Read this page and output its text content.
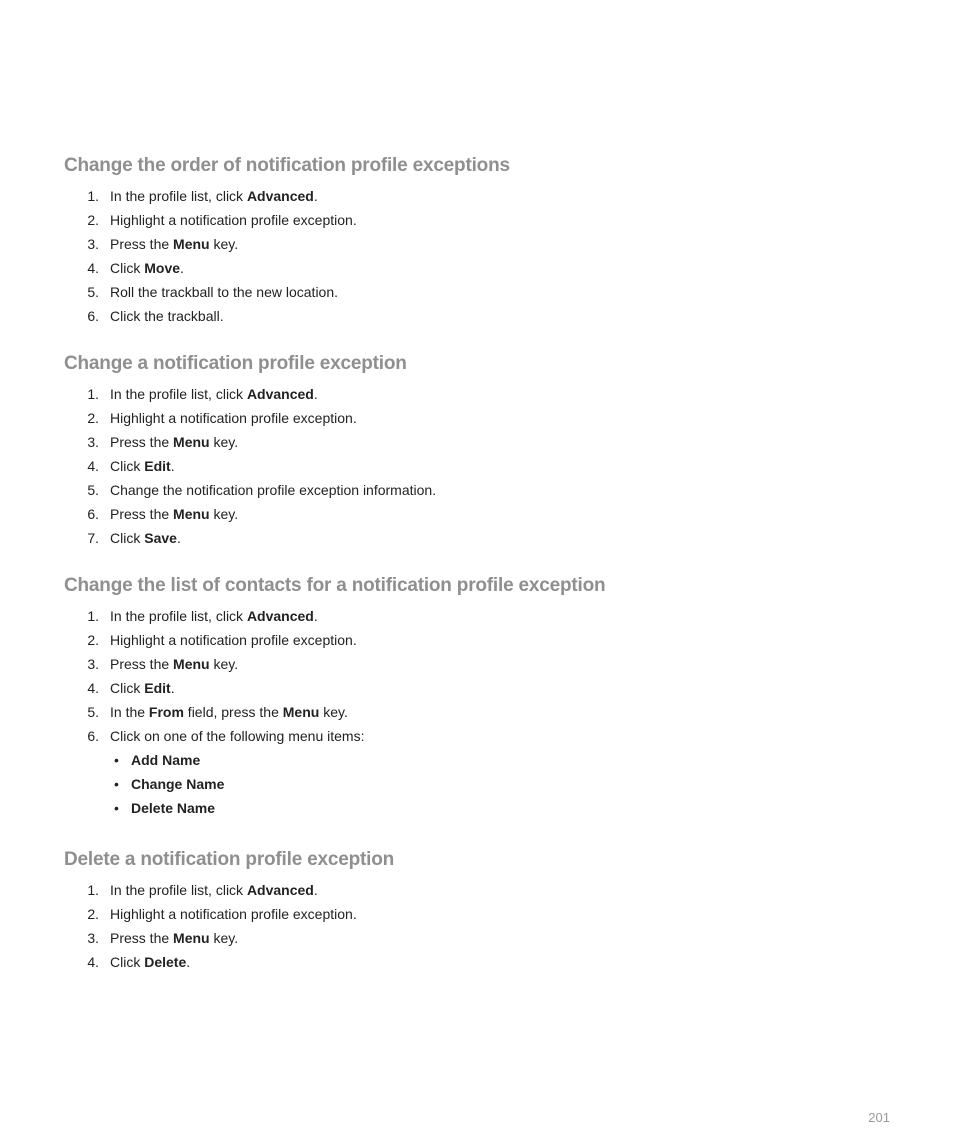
Change the order of notification profile exceptions
1. In the profile list, click Advanced.
2. Highlight a notification profile exception.
3. Press the Menu key.
4. Click Move.
5. Roll the trackball to the new location.
6. Click the trackball.
Change a notification profile exception
1. In the profile list, click Advanced.
2. Highlight a notification profile exception.
3. Press the Menu key.
4. Click Edit.
5. Change the notification profile exception information.
6. Press the Menu key.
7. Click Save.
Change the list of contacts for a notification profile exception
1. In the profile list, click Advanced.
2. Highlight a notification profile exception.
3. Press the Menu key.
4. Click Edit.
5. In the From field, press the Menu key.
6. Click on one of the following menu items:
• Add Name
• Change Name
• Delete Name
Delete a notification profile exception
1. In the profile list, click Advanced.
2. Highlight a notification profile exception.
3. Press the Menu key.
4. Click Delete.
201
